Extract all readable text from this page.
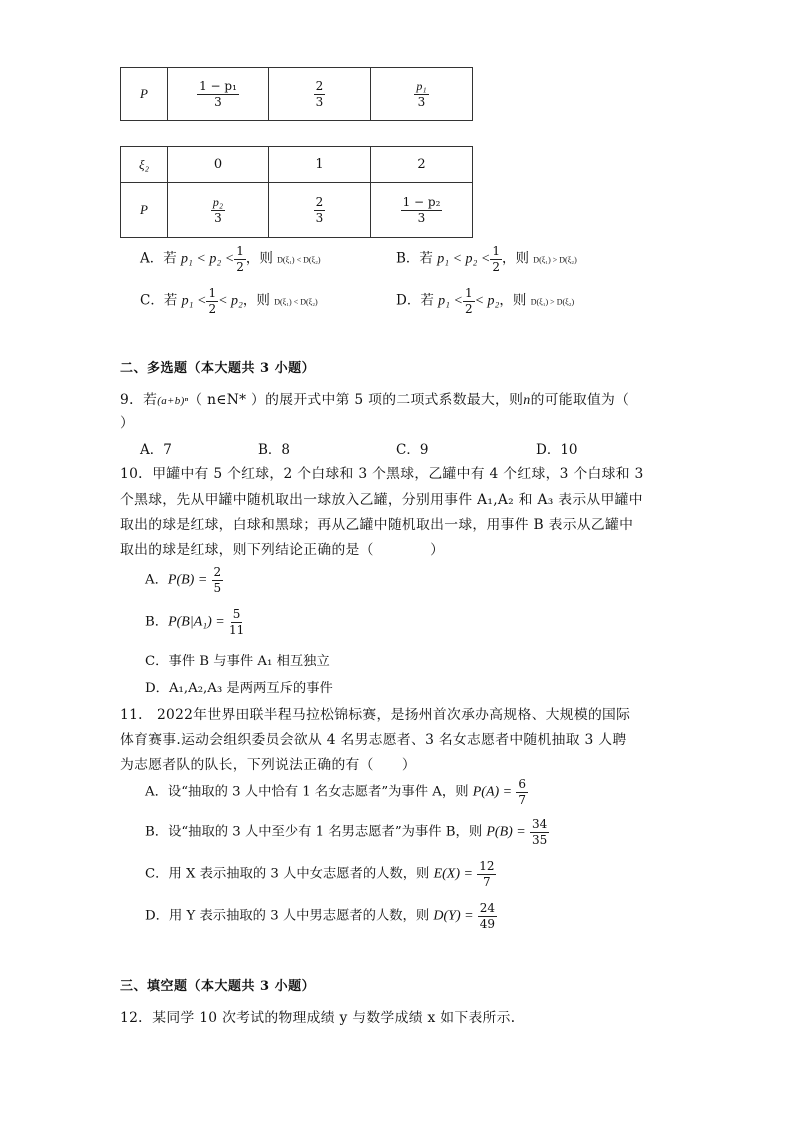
P	$\frac{\text{1 − p₁}}{3}$	$\frac{2}{3}$	$\frac{\text{p₁}}{3}$
ξ₂	0	1	2
P	$\frac{\text{p₂}}{3}$	$\frac{2}{3}$	$\frac{\text{1 − p₂}}{3}$
A．若 $p_1 < p_2 < \frac{1}{2}$ ，则 D(ξ₁) < D(ξ₂)	B．若 $p_1 < p_2 < \frac{1}{2}$ ，则 D(ξ₁) > D(ξ₂)
C．若 $p_1 < \frac{1}{2} < p_2$，则 D(ξ₁) < D(ξ₂)	D．若 $p_1 < \frac{1}{2} < p_2$，则 D(ξ₁) > D(ξ₂)
二、多选题（本大题共 3 小题）
9．若(a+b)ⁿ（ n∈N* ）的展开式中第 5 项的二项式系数最大，则n的可能取值为（
）
A．7	B．8	C．9	D．10
10．甲罐中有 5 个红球，2 个白球和 3 个黑球，乙罐中有 4 个红球，3 个白球和 3
个黑球，先从甲罐中随机取出一球放入乙罐，分别用事件 A₁,A₂ 和 A₃ 表示从甲罐中
取出的球是红球，白球和黑球；再从乙罐中随机取出一球，用事件 B 表示从乙罐中
取出的球是红球，则下列结论正确的是（　　　　）
A．$P(B) = \frac{2}{5}$
B．$P(B|A_1) = \frac{5}{11}$
C．事件 B 与事件 A₁ 相互独立
D．A₁,A₂,A₃ 是两两互斥的事件
11． 2022年世界田联半程马拉松锦标赛，是扬州首次承办高规格、大规模的国际
体育赛事.运动会组织委员会欲从 4 名男志愿者、3 名女志愿者中随机抽取 3 人聘
为志愿者队的队长，下列说法正确的有（　　）
A．设“抽取的 3 人中恰有 1 名女志愿者”为事件 A，则 $P(A) = \frac{6}{7}$
B．设“抽取的 3 人中至少有 1 名男志愿者”为事件 B，则 $P(B) = \frac{34}{35}$
C．用 X 表示抽取的 3 人中女志愿者的人数，则 $E(X) = \frac{12}{7}$
D．用 Y 表示抽取的 3 人中男志愿者的人数，则 $D(Y) = \frac{24}{49}$
三、填空题（本大题共 3 小题）
12．某同学 10 次考试的物理成绩 y 与数学成绩 x 如下表所示．
